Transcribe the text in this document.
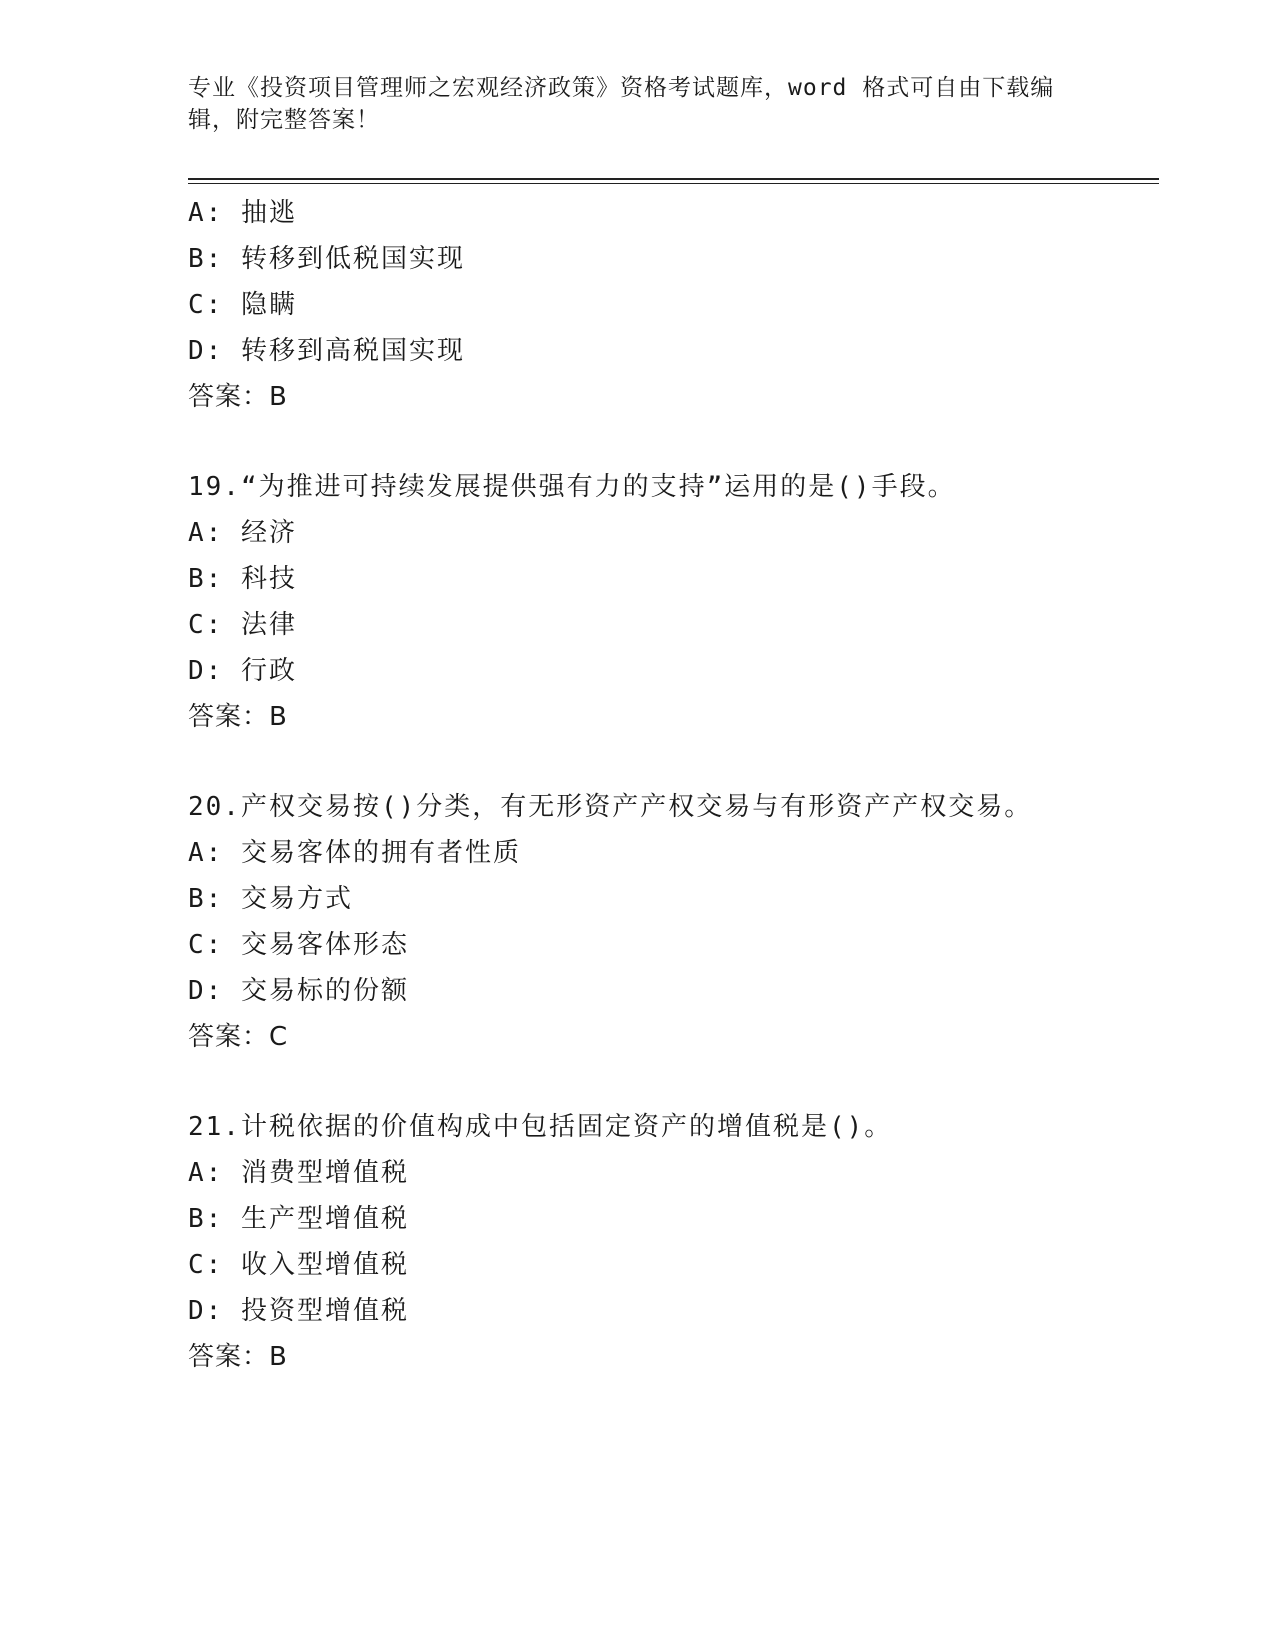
专业《投资项目管理师之宏观经济政策》资格考试题库，word 格式可自由下载编
辑，附完整答案！
A: 抽逃
B: 转移到低税国实现
C: 隐瞒
D: 转移到高税国实现
答案：B
19.“为推进可持续发展提供强有力的支持”运用的是()手段。
A: 经济
B: 科技
C: 法律
D: 行政
答案：B
20.产权交易按()分类，有无形资产产权交易与有形资产产权交易。
A: 交易客体的拥有者性质
B: 交易方式
C: 交易客体形态
D: 交易标的份额
答案：C
21.计税依据的价值构成中包括固定资产的增值税是()。
A: 消费型增值税
B: 生产型增值税
C: 收入型增值税
D: 投资型增值税
答案：B
